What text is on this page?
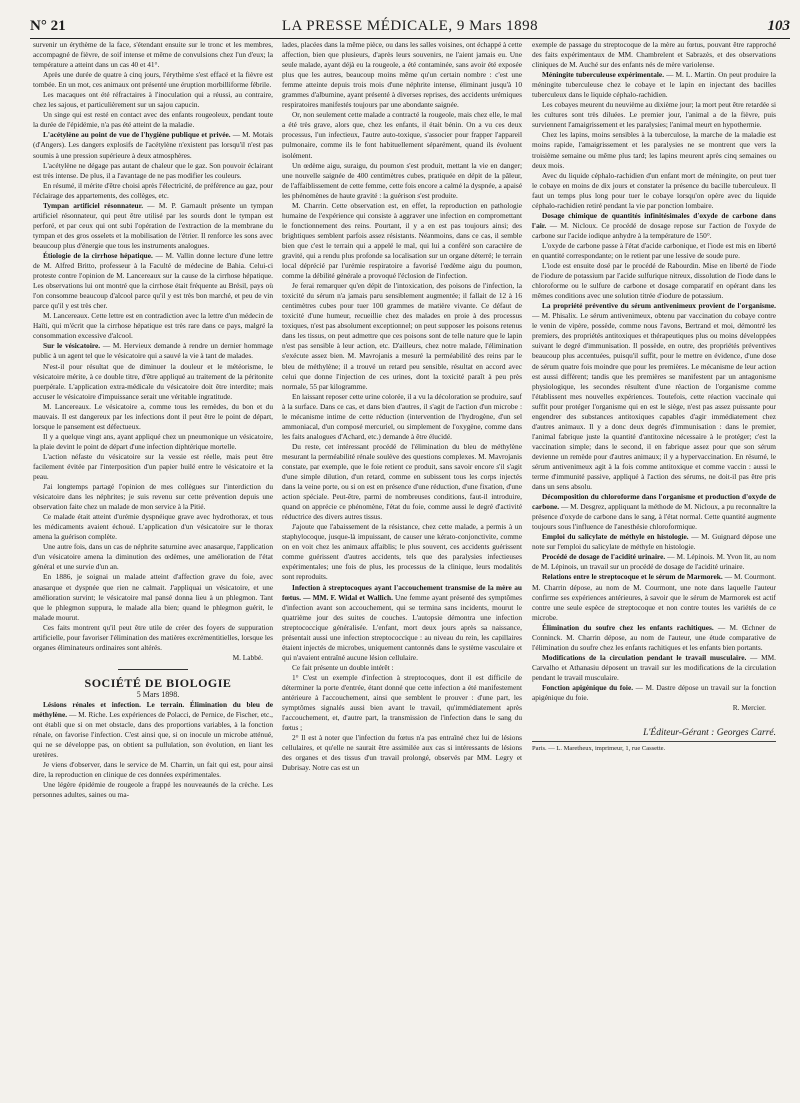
N° 21	LA PRESSE MÉDICALE, 9 Mars 1898	103

survenir un érythème de la face, s'étendant ensuite sur le tronc et les membres, accompagné de fièvre, de soif intense et même de convulsions chez l'un d'eux; la température a atteint dans un cas 40 et 41°.

Après une durée de quatre à cinq jours, l'érythème s'est effacé et la fièvre est tombée. En un mot, ces animaux ont présenté une éruption morbilliforme fébrile.

Les macaques ont été réfractaires à l'inoculation qui a réussi, au contraire, chez les sajous, et particulièrement sur un sajou capucin.

Un singe qui est resté en contact avec des enfants rougeoleux, pendant toute la durée de l'épidémie, n'a pas été atteint de la maladie.

L'acétylène au point de vue de l'hygiène publique et privée. — M. Motais (d'Angers). Les dangers explosifs de l'acétylène n'existent pas lorsqu'il n'est pas soumis à une pression supérieure à deux atmosphères.

L'acétylène ne dégage pas autant de chaleur que le gaz. Son pouvoir éclairant est très intense. De plus, il a l'avantage de ne pas modifier les couleurs.

En résumé, il mérite d'être choisi après l'électricité, de préférence au gaz, pour l'éclairage des appartements, des collèges, etc.

Tympan artificiel résonnateur. — M. P. Garnault présente un tympan artificiel résonnateur, qui peut être utilisé par les sourds dont le tympan est perforé, et par ceux qui ont subi l'opération de l'extraction de la membrane du tympan et des gros osselets et la mobilisation de l'étrier. Il renforce les sons avec beaucoup plus d'énergie que tous les instruments analogues.

Étiologie de la cirrhose hépatique. — M. Vallin donne lecture d'une lettre de M. Alfred Britto, professeur à la Faculté de médecine de Bahia. Celui-ci proteste contre l'opinion de M. Lancereaux sur la cause de la cirrhose hépatique. Les observations lui ont montré que la cirrhose était fréquente au Brésil, pays où l'on consomme beaucoup d'alcool parce qu'il y est très bon marché, et peu de vin parce qu'il y est très cher.

M. Lancereaux. Cette lettre est en contradiction avec la lettre d'un médecin de Haïti, qui m'écrit que la cirrhose hépatique est très rare dans ce pays, malgré la consommation excessive d'alcool.

Sur le vésicatoire. — M. Hervieux demande à rendre un dernier hommage public à un agent tel que le vésicatoire qui a sauvé la vie à tant de malades.

N'est-il pour résultat que de diminuer la douleur et le météorisme, le vésicatoire mérite, à ce double titre, d'être appliqué au traitement de la péritonite puerpérale. L'application extra-médicale du vésicatoire doit être interdite; mais accuser le vésicatoire d'impuissance serait une véritable ingratitude.

M. Lancereaux. Le vésicatoire a, comme tous les remèdes, du bon et du mauvais. Il est dangereux par les infections dont il peut être le point de départ, lorsque le pansement est défectueux.

Il y a quelque vingt ans, ayant appliqué chez un pneumonique un vésicatoire, la plaie devint le point de départ d'une infection diphtérique mortelle.

L'action néfaste du vésicatoire sur la vessie est réelle, mais peut être facilement évitée par l'interposition d'un papier huilé entre le vésicatoire et la peau.

J'ai longtemps partagé l'opinion de mes collègues sur l'interdiction du vésicatoire dans les néphrites; je suis revenu sur cette prévention depuis une observation faite chez un malade de mon service à la Pitié.

Ce malade était atteint d'urémie dyspnéique grave avec hydrothorax, et tous les médicaments avaient échoué. L'application d'un vésicatoire sur le thorax amena la guérison complète.

Une autre fois, dans un cas de néphrite saturnine avec anasarque, l'application d'un vésicatoire amena la diminution des œdèmes, une amélioration de l'état général et une survie d'un an.

En 1886, je soignai un malade atteint d'affection grave du foie, avec anasarque et dyspnée que rien ne calmait. J'appliquai un vésicatoire, et une amélioration survint; le vésicatoire mal pansé donna lieu à un phlegmon. Tant que le phlegmon suppura, le malade alla bien; quand le phlegmon guérit, le malade mourut.

Ces faits montrent qu'il peut être utile de créer des foyers de suppuration artificielle, pour favoriser l'élimination des matières excrémentitielles, lorsque les organes éliminateurs ordinaires sont altérés.

M. Labbé.

SOCIÉTÉ DE BIOLOGIE

5 Mars 1898.

Lésions rénales et infection. Le terrain. Élimination du bleu de méthylène. — M. Riche. Les expériences de Polacci, de Pernice, de Fischer, etc., ont établi que si on met obstacle, dans des proportions variables, à la fonction rénale, on favorise l'infection. C'est ainsi que, si on inocule un microbe atténué, qui ne se développe pas, on obtient sa pullulation, son évolution, en liant les uretères.

Je viens d'observer, dans le service de M. Charrin, un fait qui est, pour ainsi dire, la reproduction en clinique de ces données expérimentales.

Une légère épidémie de rougeole a frappé les nouveaunés de la crèche. Les personnes adultes, saines ou ma-

lades, placées dans la même pièce, ou dans les salles voisines, ont échappé à cette affection, bien que plusieurs, d'après leurs souvenirs, ne l'aient jamais eu. Une seule malade, ayant déjà eu la rougeole, a été contaminée, sans avoir été exposée plus que les autres, beaucoup moins même qu'un certain nombre : c'est une femme atteinte depuis trois mois d'une néphrite intense, éliminant jusqu'à 10 grammes d'albumine, ayant présenté à diverses reprises, des accidents urémiques respiratoires manifestés toujours par une abondante saignée.

Or, non seulement cette malade a contracté la rougeole, mais chez elle, le mal a été très grave, alors que, chez les enfants, il était bénin. On a vu ces deux processus, l'un infectieux, l'autre auto-toxique, s'associer pour frapper l'appareil pulmonaire, comme ils le font habituellement séparément, quand ils évoluent isolément.

Un œdème aigu, suraigu, du poumon s'est produit, mettant la vie en danger; une nouvelle saignée de 400 centimètres cubes, pratiquée en dépit de la pâleur, de l'affaiblissement de cette femme, cette fois encore a calmé la dyspnée, a apaisé les phénomènes de haute gravité : la guérison s'est produite.

M. Charrin. Cette observation est, en effet, la reproduction en pathologie humaine de l'expérience qui consiste à aggraver une infection en compromettant le fonctionnement des reins. Pourtant, il y a en est pas toujours ainsi; des brightiques semblent parfois assez résistants. Néanmoins, dans ce cas, il semble bien que c'est le terrain qui a appelé le mal, qui lui a conféré son caractère de gravité, qui a rendu plus profonde sa localisation sur un organe déterré; le terrain local déprécié par l'urémie respiratoire a favorisé l'œdème aigu du poumon, comme la débilité générale a provoqué l'éclosion de l'infection.

Je ferai remarquer qu'en dépit de l'intoxication, des poisons de l'infection, la toxicité du sérum n'a jamais paru sensiblement augmentée; il fallait de 12 à 16 centimètres cubes pour tuer 100 grammes de matière vivante. Ce défaut de toxicité d'une humeur, recueillie chez des malades en proie à des processus toxiques, n'est pas absolument exceptionnel; on peut supposer les poisons retenus dans les tissus, on peut admettre que ces poisons sont de telle nature que le lapin n'est pas sensible à leur action, etc. D'ailleurs, chez notre malade, l'élimination s'exécute assez bien. M. Mavrojanis a mesuré la perméabilité des reins par le bleu de méthylène; il a trouvé un retard peu sensible, résultat en accord avec celui que donne l'injection de ces urines, dont la toxicité paraît à peu près normale, 55 par kilogramme.

En laissant reposer cette urine colorée, il a vu la décoloration se produire, sauf à la surface. Dans ce cas, et dans bien d'autres, il s'agit de l'action d'un microbe : le mécanisme intime de cette réduction (intervention de l'hydrogène, d'un sel ammoniacal, d'un composé mercuriel, ou simplement de l'oxygène, comme dans les faits analogues d'Achard, etc.) demande à être élucidé.

Du reste, cet intéressant procédé de l'élimination du bleu de méthylène mesurant la perméabilité rénale soulève des questions complexes. M. Mavrojanis constate, par exemple, que le foie retient ce produit, sans savoir encore s'il s'agit d'une simple dilution, d'un retard, comme en subissent tous les corps injectés dans la veine porte, ou si on est en présence d'une réduction, d'une fixation, d'une action spéciale. Peut-être, parmi de nombreuses conditions, faut-il introduire, quand on apprécie ce phénomène, l'état du foie, comme aussi le degré d'activité réductrice des divers autres tissus.

J'ajoute que l'abaissement de la résistance, chez cette malade, a permis à un staphylocoque, jusque-là impuissant, de causer une kérato-conjonctivite, comme on en voit chez les animaux affaiblis; le plus souvent, ces accidents guérissent comme guérissent d'autres accidents, tels que des paralysies infectieuses expérimentales; une fois de plus, les processus de la clinique, leurs modalités sont reproduits.

Infection à streptocoques ayant l'accouchement transmise de la mère au fœtus. — MM. F. Widal et Wallich. Une femme ayant présenté des symptômes d'infection avant son accouchement, qui se termina sans incidents, mourut le quatrième jour des suites de couches. L'autopsie démontra une infection streptococcique généralisée. L'enfant, mort deux jours après sa naissance, présentait aussi une infection streptococcique : au niveau du rein, les capillaires étaient injectés de microbes, uniquement cantonnés dans le système vasculaire et qui n'avaient entraîné aucune lésion cellulaire.

Ce fait présente un double intérêt :

1° C'est un exemple d'infection à streptocoques, dont il est difficile de déterminer la porte d'entrée, étant donné que cette infection a été manifestement antérieure à l'accouchement, ainsi que semblent le prouver : d'une part, les symptômes signalés aussi bien avant le travail, qu'immédiatement après l'accouchement, et, d'autre part, la transmission de l'infection dans le sang du fœtus ;

2° Il est à noter que l'infection du fœtus n'a pas entraîné chez lui de lésions cellulaires, et qu'elle ne saurait être assimilée aux cas si intéressants de lésions des organes et des tissus d'un travail prolongé, observés par MM. Legry et Dubrisay. Notre cas est un

exemple de passage du streptocoque de la mère au fœtus, pouvant être rapproché des faits expérimentaux de MM. Chambrelent et Sabrazès, et des observations cliniques de M. Auché sur des enfants nés de mère variolense.

Méningite tuberculeuse expérimentale. — M. L. Martin. On peut produire la méningite tuberculeuse chez le cobaye et le lapin en injectant des bacilles tuberculeux dans le liquide céphalo-rachidien.

Les cobayes meurent du neuvième au dixième jour; la mort peut être retardée si les cultures sont très diluées. Le premier jour, l'animal a de la fièvre, puis surviennent l'amaigrissement et les paralysies; l'animal meurt en hypothermie.

Chez les lapins, moins sensibles à la tuberculose, la marche de la maladie est moins rapide, l'amaigrissement et les paralysies ne se montrent que vers la troisième semaine ou même plus tard; les lapins meurent après cinq semaines ou deux mois.

Avec du liquide céphalo-rachidien d'un enfant mort de méningite, on peut tuer le cobaye en moins de dix jours et constater la présence du bacille tuberculeux. Il faut un temps plus long pour tuer le cobaye lorsqu'on opère avec du liquide céphalo-rachidien retiré pendant la vie par ponction lombaire.

Dosage chimique de quantités infinitésimales d'oxyde de carbone dans l'air. — M. Nicloux. Ce procédé de dosage repose sur l'action de l'oxyde de carbone sur l'acide iodique anhydre à la température de 150°.

L'oxyde de carbone passe à l'état d'acide carbonique, et l'iode est mis en liberté en quantité correspondante; on le retient par une lessive de soude pure.

L'iode est ensuite dosé par le procédé de Rabourdin. Mise en liberté de l'iode de l'iodure de potassium par l'acide sulfurique nitreux, dissolution de l'iode dans le chloroforme ou le sulfure de carbone et dosage comparatif en opérant dans les mêmes conditions avec une solution titrée d'iodure de potassium.

La propriété préventive du sérum antivenimeux provient de l'organisme. — M. Phisalix. Le sérum antivenimeux, obtenu par vaccination du cobaye contre le venin de vipère, possède, comme nous l'avons, Bertrand et moi, démontré les premiers, des propriétés antitoxiques et thérapeutiques plus ou moins développées suivant le degré d'immunisation. Il possède, en outre, des propriétés préventives beaucoup plus accentuées, puisqu'il suffit, pour le mettre en évidence, d'une dose de sérum quatre fois moindre que pour les premières. Le mécanisme de leur action est aussi différent; tandis que les premières se manifestent par un antagonisme physiologique, les secondes résultent d'une réaction de l'organisme comme l'établissent mes nouvelles expériences. Toutefois, cette réaction vaccinale qui suffit pour protéger l'organisme qui en est le siège, n'est pas assez puissante pour engendrer des substances antitoxiques capables d'agir immédiatement chez d'autres animaux. Il y a donc deux degrés d'immunisation : dans le premier, l'animal fabrique juste la quantité d'antitoxine nécessaire à le protéger; c'est la vaccination simple; dans le second, il en fabrique assez pour que son sérum devienne un remède pour d'autres animaux; il y a hypervaccination. En résumé, le sérum antivenimeux agit à la fois comme antitoxique et comme vaccin : aussi le terme d'immunité passive, appliqué à l'action des sérums, ne doit-il pas être pris dans un sens absolu.

Décomposition du chloroforme dans l'organisme et production d'oxyde de carbone. — M. Desgrez, appliquant la méthode de M. Nicloux, a pu reconnaître la présence d'oxyde de carbone dans le sang, à l'état normal. Cette quantité augmente toujours sous l'influence de l'anesthésie chloroformique.

Emploi du salicylate de méthyle en histologie. — M. Guignard dépose une note sur l'emploi du salicylate de méthyle en histologie.

Procédé de dosage de l'acidité urinaire. — M. Lépinois. M. Yvon lit, au nom de M. Lépinois, un travail sur un procédé de dosage de l'acidité urinaire.

Relations entre le streptocoque et le sérum de Marmorek. — M. Courmont. M. Charrin dépose, au nom de M. Courmont, une note dans laquelle l'auteur confirme ses expériences antérieures, à savoir que le sérum de Marmorek est actif contre une seule espèce de streptocoque et non contre toutes les variétés de ce microbe.

Élimination du soufre chez les enfants rachitiques. — M. Œchner de Conninck. M. Charrin dépose, au nom de l'auteur, une étude comparative de l'élimination du soufre chez les enfants rachitiques et les enfants bien portants.

Modifications de la circulation pendant le travail musculaire. — MM. Carvalho et Athanasiu déposent un travail sur les modifications de la circulation pendant le travail musculaire.

Fonction apigénique du foie. — M. Dastre dépose un travail sur la fonction apigénique du foie.

R. Mercier.

L'Éditeur-Gérant : Georges Carré.
Paris. — L. Maretheux, imprimeur, 1, rue Cassette.
